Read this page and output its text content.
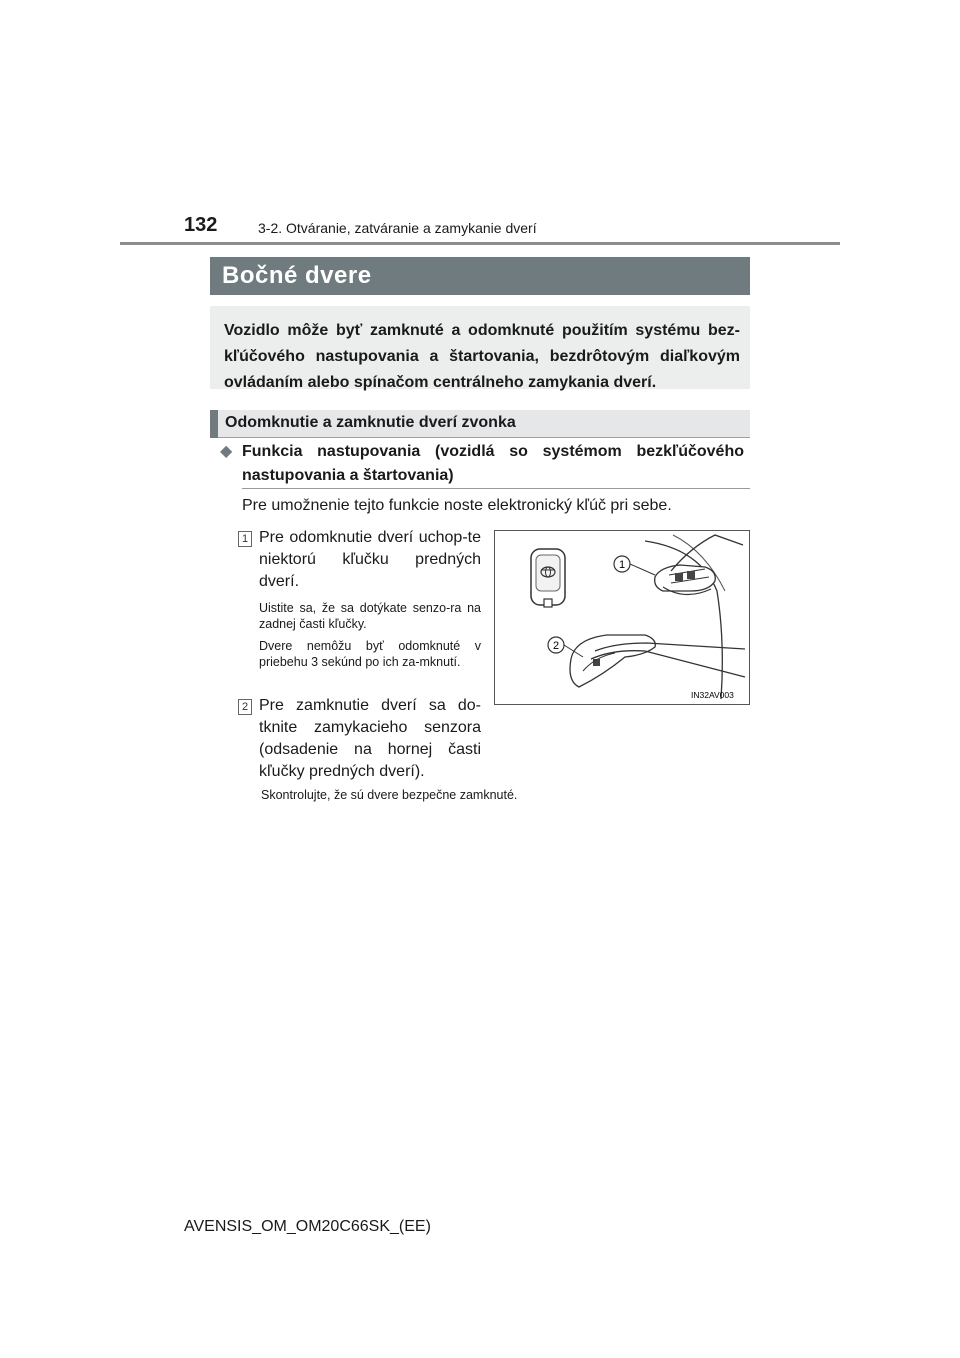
132	3-2. Otváranie, zatváranie a zamykanie dverí
Bočné dvere
Vozidlo môže byť zamknuté a odomknuté použitím systému bez-kľúčového nastupovania a štartovania, bezdrôtovým diaľkovým ovládaním alebo spínačom centrálneho zamykania dverí.
Odomknutie a zamknutie dverí zvonka
◆ Funkcia nastupovania (vozidlá so systémom bezkľúčového nastupovania a štartovania)
Pre umožnenie tejto funkcie noste elektronický kľúč pri sebe.
1 Pre odomknutie dverí uchop-te niektorú kľučku predných dverí.
Uistite sa, že sa dotýkate senzo-ra na zadnej časti kľučky.
Dvere nemôžu byť odomknuté v priebehu 3 sekúnd po ich za-mknutí.
2 Pre zamknutie dverí sa do-tknite zamykacieho senzora (odsadenie na hornej časti kľučky predných dverí).
Skontrolujte, že sú dvere bezpečne zamknuté.
1
2
IN32AV003
AVENSIS_OM_OM20C66SK_(EE)
